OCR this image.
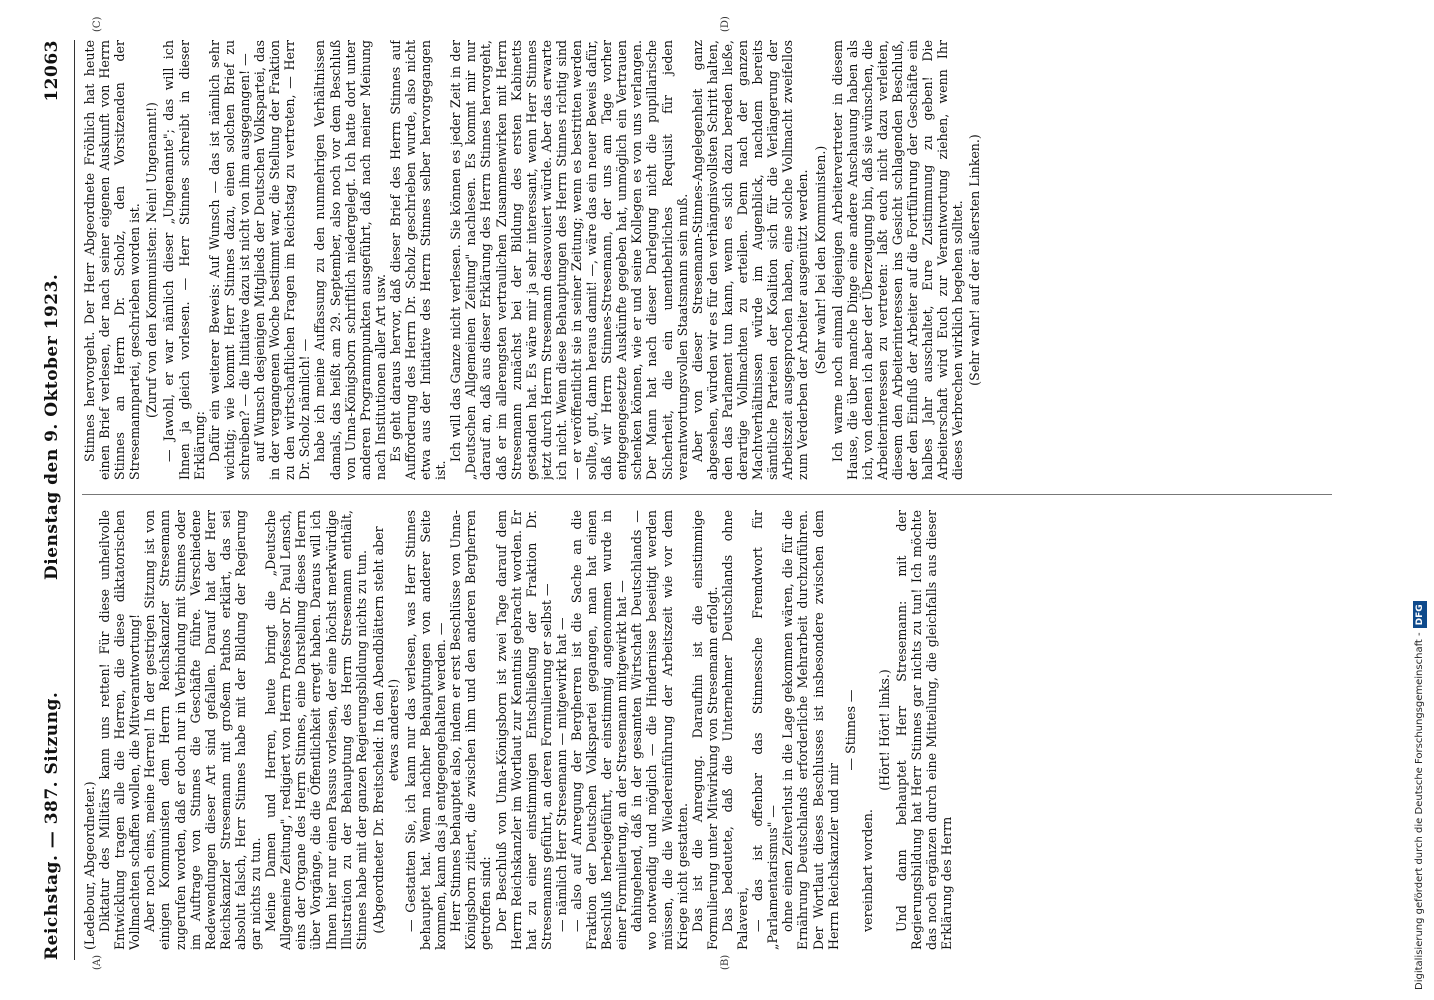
Reichstag. — 387. Sitzung.
Dienstag den 9. Oktober 1923.
12063
(A)	(B)
(C)	(D)

(Ledebour, Abgeordneter.) Diktatur des Militärs kann uns retten! Für diese unheilvolle Entwicklung tragen alle die Herren, die diese diktatorischen Vollmachten schaffen wollen, die Mitverantwortung! Aber noch eins, meine Herren! In der gestrigen Sitzung ist von einigen Kommunisten dem Herrn Reichskanzler Stresemann zugerufen worden, daß er doch nur in Verbindung mit Stinnes oder im Auftrage von Stinnes die Geschäfte führe. Verschiedene Redewendungen dieser Art sind gefallen. Darauf hat der Herr Reichskanzler Stresemann mit großem Pathos erklärt, das sei absolut falsch, Herr Stinnes habe mit der Bildung der Regierung gar nichts zu tun. Meine Damen und Herren, heute bringt die „Deutsche Allgemeine Zeitung", redigiert von Herrn Professor Dr. Paul Lensch, eins der Organe des Herrn Stinnes, eine Darstellung dieses Herrn über Vorgänge, die die Öffentlichkeit erregt haben. Daraus will ich Ihnen hier nur einen Passus vorlesen, der eine höchst merkwürdige Illustration zu der Behauptung des Herrn Stresemann enthält, Stinnes habe mit der ganzen Regierungsbildung nichts zu tun. (Abgeordneter Dr. Breitscheid: In den Abendblättern steht aber etwas anderes!) — Gestatten Sie, ich kann nur das verlesen, was Herr Stinnes behauptet hat. Wenn nachher Behauptungen von anderer Seite kommen, kann das ja entgegengehalten werden. — Herr Stinnes behauptet also, indem er erst Beschlüsse von Unna-Königsborn zitiert, die zwischen ihm und den anderen Bergherren getroffen sind: Der Beschluß von Unna-Königsborn ist zwei Tage darauf dem Herrn Reichskanzler im Wortlaut zur Kenntnis gebracht worden. Er hat zu einer einstimmigen Entschließung der Fraktion Dr. Stresemanns geführt, an deren Formulierung er selbst — — nämlich Herr Stresemann — mitgewirkt hat — — also auf Anregung der Bergherren ist die Sache an die Fraktion der Deutschen Volkspartei gegangen, man hat einen Beschluß herbeigeführt, der einstimmig angenommen wurde in einer Formulierung, an der Stresemann mitgewirkt hat — dahingehend, daß in der gesamten Wirtschaft Deutschlands — wo notwendig und möglich — die Hindernisse beseitigt werden müssen, die die Wiedereinführung der Arbeitszeit wie vor dem Kriege nicht gestatten. Das ist die Anregung. Daraufhin ist die einstimmige Formulierung unter Mitwirkung von Stresemann erfolgt. Das bedeutete, daß die Unternehmer Deutschlands ohne Palaverei, — das ist offenbar das Stinnessche Fremdwort für „Parlamentarismus" — ohne einen Zeitverlust in die Lage gekommen wären, die für die Ernährung Deutschlands erforderliche Mehrarbeit durchzuführen. Der Wortlaut dieses Beschlusses ist insbesondere zwischen dem Herrn Reichskanzler und mir

— Stinnes —

vereinbart worden.

(Hört! Hört! links.) Und dann behauptet Herr Stresemann: mit der Regierungsbildung hat Herr Stinnes gar nichts zu tun! Ich möchte das noch ergänzen durch eine Mitteilung, die gleichfalls aus dieser Erklärung des Herrn

Stinnes hervorgeht. Der Herr Abgeordnete Fröhlich hat heute einen Brief verlesen, der nach seiner eigenen Auskunft von Herrn Stinnes an Herrn Dr. Scholz, den Vorsitzenden der Stresemannpartei, geschrieben worden ist. (Zuruf von den Kommunisten: Nein! Ungenannt!) — Jawohl, er war nämlich dieser „Ungenannte"; das will ich Ihnen ja gleich vorlesen. — Herr Stinnes schreibt in dieser Erklärung: Dafür ein weiterer Beweis: Auf Wunsch — das ist nämlich sehr wichtig; wie kommt Herr Stinnes dazu, einen solchen Brief zu schreiben? — die Initiative dazu ist nicht von ihm ausgegangen! — auf Wunsch desjenigen Mitglieds der Deutschen Volkspartei, das in der vergangenen Woche bestimmt war, die Stellung der Fraktion zu den wirtschaftlichen Fragen im Reichstag zu vertreten, — Herr Dr. Scholz nämlich! — habe ich meine Auffassung zu den nunmehrigen Verhältnissen damals, das heißt am 29. September, also noch vor dem Beschluß von Unna-Königsborn schriftlich niedergelegt. Ich hatte dort unter anderen Programmpunkten ausgeführt, daß nach meiner Meinung nach Institutionen aller Art usw. Es geht daraus hervor, daß dieser Brief des Herrn Stinnes auf Aufforderung des Herrn Dr. Scholz geschrieben wurde, also nicht etwa aus der Initiative des Herrn Stinnes selber hervorgegangen ist.

Ich will das Ganze nicht verlesen. Sie können es jeder Zeit in der „Deutschen Allgemeinen Zeitung" nachlesen. Es kommt mir nur darauf an, daß aus dieser Erklärung des Herrn Stinnes hervorgeht, daß er im allerengsten vertraulichen Zusammenwirken mit Herrn Stresemann zunächst bei der Bildung des ersten Kabinetts gestanden hat. Es wäre mir ja sehr interessant, wenn Herr Stinnes jetzt durch Herrn Stresemann desavouiert würde. Aber das erwarte ich nicht. Wenn diese Behauptungen des Herrn Stinnes richtig sind — er veröffentlicht sie in seiner Zeitung; wenn es bestritten werden sollte, gut, dann heraus damit! —, wäre das ein neuer Beweis dafür, daß wir Herrn Stinnes-Stresemann, der uns am Tage vorher entgegengesetzte Auskünfte gegeben hat, unmöglich ein Vertrauen schenken können, wie er und seine Kollegen es von uns verlangen. Der Mann hat nach dieser Darlegung nicht die pupillarische Sicherheit, die ein unentbehrliches Requisit für jeden verantwortungsvollen Staatsmann sein muß. Aber von dieser Stresemann-Stinnes-Angelegenheit ganz abgesehen, würden wir es für den verhängnisvollsten Schritt halten, den das Parlament tun kann, wenn es sich dazu bereden ließe, derartige Vollmachten zu erteilen. Denn nach der ganzen Machtverhältnissen würde im Augenblick, nachdem bereits sämtliche Parteien der Koalition sich für die Verlängerung der Arbeitszeit ausgesprochen haben, eine solche Vollmacht zweifellos zum Verderben der Arbeiter ausgenützt werden. (Sehr wahr! bei den Kommunisten.) Ich warne noch einmal diejenigen Arbeitervertreter in diesem Hause, die über manche Dinge eine andere Anschauung haben als ich, von denen ich aber der Überzeugung bin, daß sie wünschen, die Arbeiterinteressen zu vertreten: laßt euch nicht dazu verleiten, diesem den Arbeiterinteressen ins Gesicht schlagenden Beschluß, der den Einfluß der Arbeiter auf die Fortführung der Geschäfte ein halbes Jahr ausschaltet, Eure Zustimmung zu geben! Die Arbeiterschaft wird Euch zur Verantwortung ziehen, wenn Ihr dieses Verbrechen wirklich begehen solltet. (Sehr wahr! auf der äußersten Linken.)

Digitalisierung gefördert durch die Deutsche Forschungsgemeinschaft -DFG
